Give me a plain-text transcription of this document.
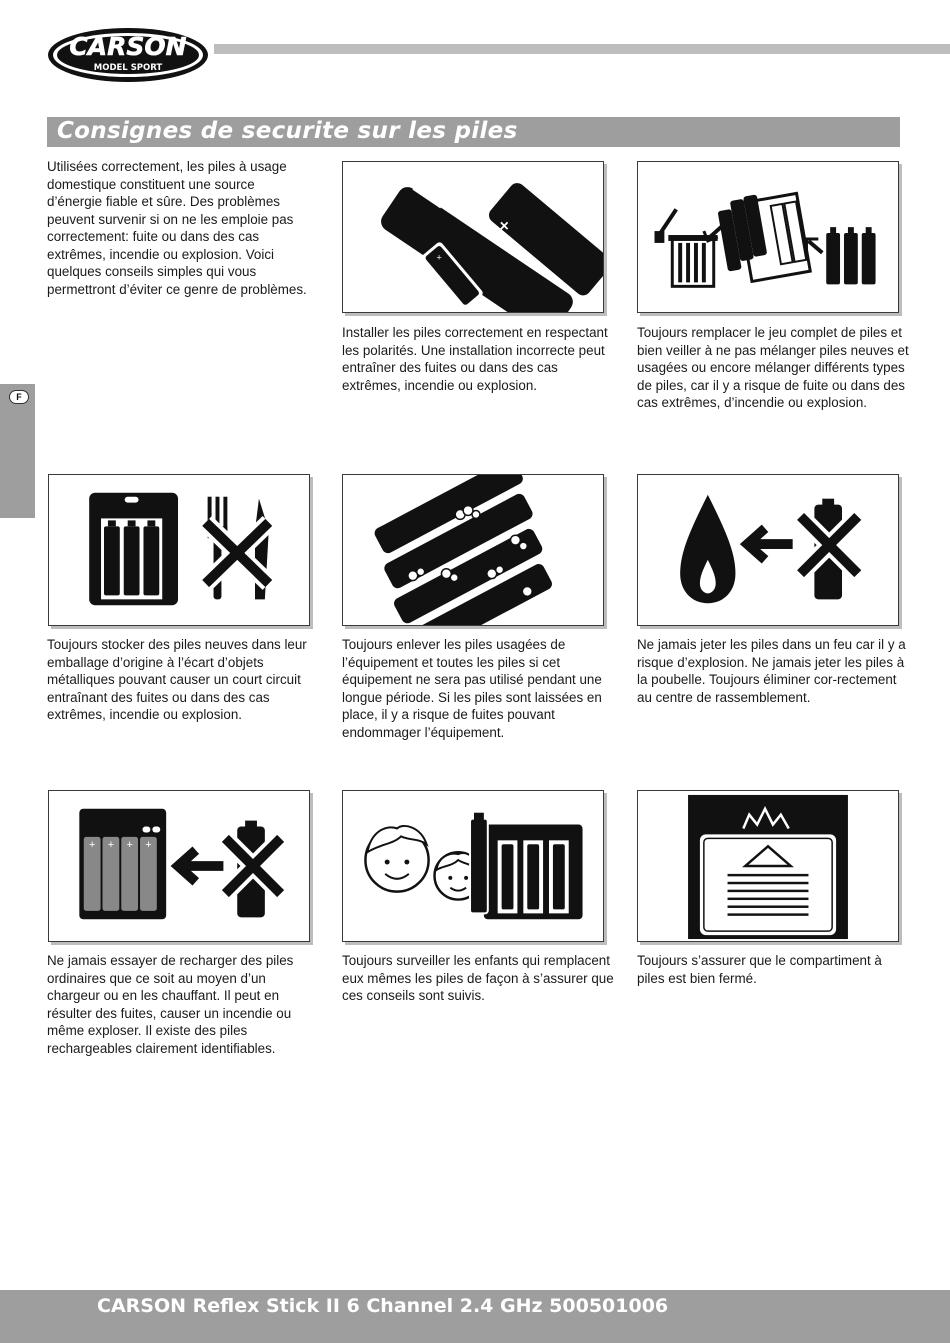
CARSON
MODEL SPORT
Consignes de securite sur les piles
F
Utilisées correctement, les piles à usage domestique constituent une source d’énergie fiable et sûre. Des problèmes peuvent survenir si on ne les emploie pas correctement: fuite ou dans des cas extrêmes, incendie ou explosion. Voici quelques conseils simples qui vous permettront d’éviter ce genre de problèmes.
+
×
Installer les piles correctement en respectant les polarités. Une installation incorrecte peut entraîner des fuites ou dans des cas extrêmes, incendie ou explosion.
Toujours remplacer le jeu complet de piles et bien veiller à ne pas mélanger piles neuves et usagées ou encore mélanger différents types de piles, car il y a risque de fuite ou dans des cas extrêmes, d’incendie ou explosion.
Toujours stocker des piles neuves dans leur emballage d’origine à l’écart d’objets métalliques pouvant causer un court circuit entraînant des fuites ou dans des cas extrêmes, incendie ou explosion.
Toujours enlever les piles usagées de l’équipement et toutes les piles si cet équipement ne sera pas utilisé pendant une longue période. Si les piles sont laissées en place, il y a risque de fuites pouvant endommager l’équipement.
Ne jamais jeter les piles dans un feu car il y a risque d’explosion. Ne jamais jeter les piles à la poubelle. Toujours éliminer cor-rectement au centre de rassemblement.
+ + + +
Ne jamais essayer de recharger des piles ordinaires que ce soit au moyen d’un chargeur ou en les chauffant. Il peut en résulter des fuites, causer un incendie ou même exploser. Il existe des piles rechargeables clairement identifiables.
Toujours surveiller les enfants qui remplacent eux mêmes les piles de façon à s’assurer que ces conseils sont suivis.
Toujours s’assurer que le compartiment à piles est bien fermé.
CARSON Reflex Stick II 6 Channel 2.4 GHz 500501006
